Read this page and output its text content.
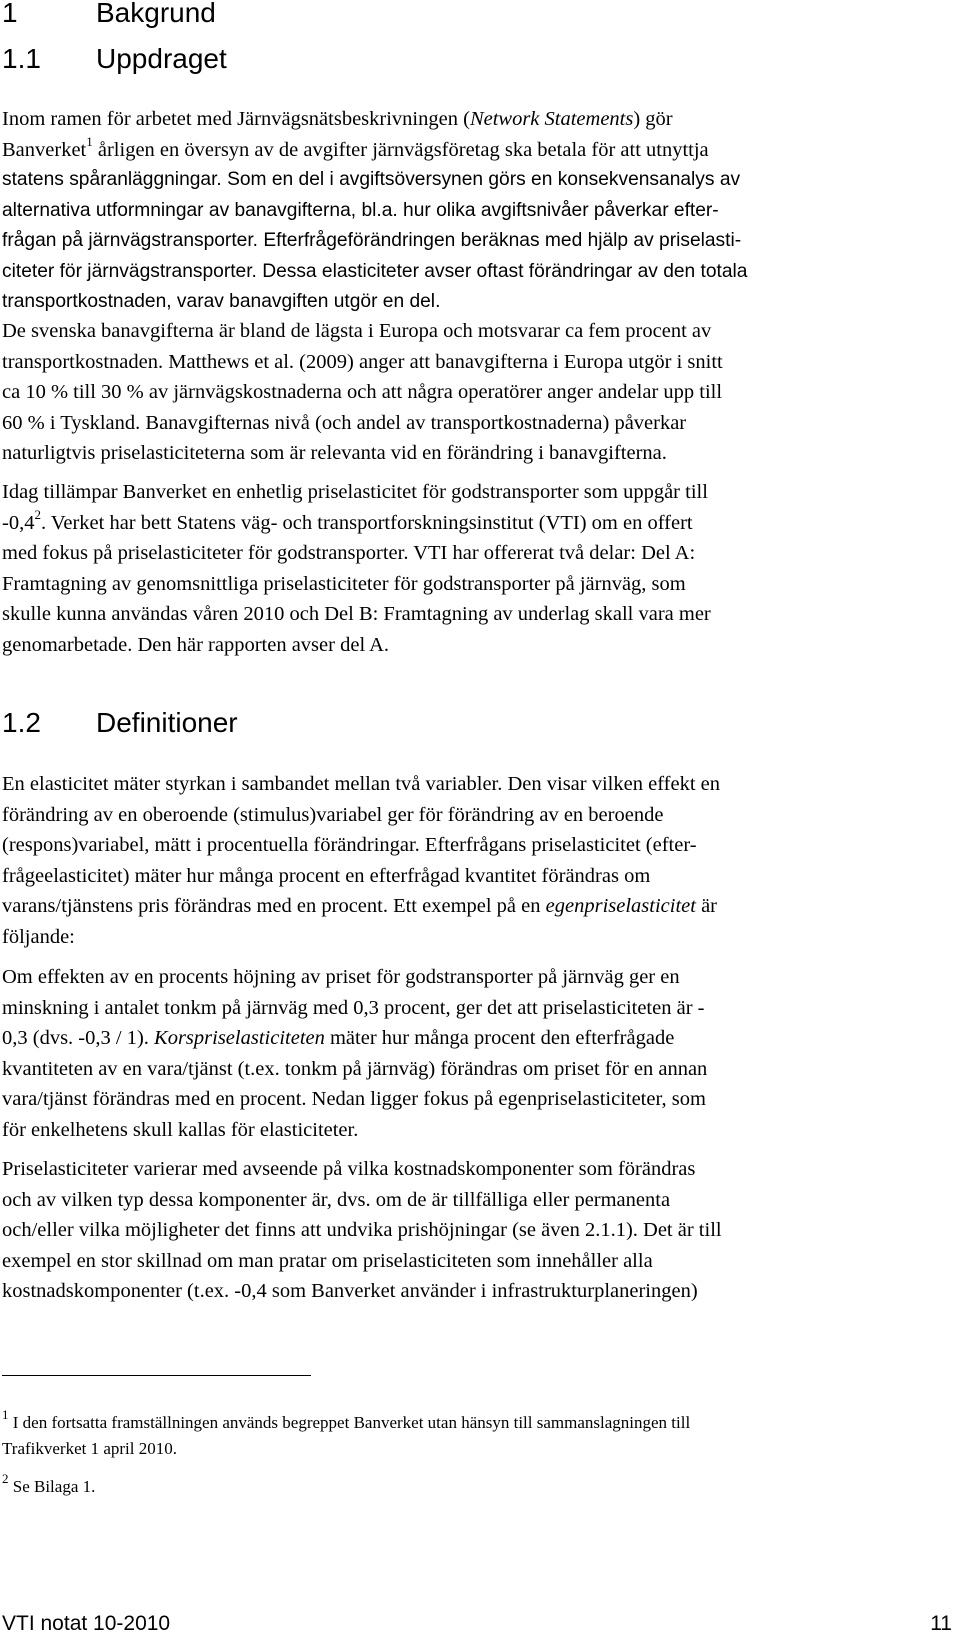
1	Bakgrund
1.1 Uppdraget
Inom ramen för arbetet med Järnvägsnätsbeskrivningen (Network Statements) gör
Banverket$^1$ årligen en översyn av de avgifter järnvägsföretag ska betala för att utnyttja
statens spåranläggningar. Som en del i avgiftsöversynen görs en konsekvensanalys av
alternativa utformningar av banavgifterna, bl.a. hur olika avgiftsnivåer påverkar efter-
frågan på järnvägstransporter. Efterfrågeförändringen beräknas med hjälp av priselasti-
citeter för järnvägstransporter. Dessa elasticiteter avser oftast förändringar av den totala
transportkostnaden, varav banavgiften utgör en del.
De svenska banavgifterna är bland de lägsta i Europa och motsvarar ca fem procent av
transportkostnaden. Matthews et al. (2009) anger att banavgifterna i Europa utgör i snitt
ca 10 % till 30 % av järnvägskostnaderna och att några operatörer anger andelar upp till
60 % i Tyskland. Banavgifternas nivå (och andel av transportkostnaderna) påverkar
naturligtvis priselasticiteterna som är relevanta vid en förändring i banavgifterna.
Idag tillämpar Banverket en enhetlig priselasticitet för godstransporter som uppgår till
$-0,4^2$. Verket har bett Statens väg- och transportforskningsinstitut (VTI) om en offert
med fokus på priselasticiteter för godstransporter. VTI har offererat två delar: Del A:
Framtagning av genomsnittliga priselasticiteter för godstransporter på järnväg, som
skulle kunna användas våren 2010 och Del B: Framtagning av underlag skall vara mer
genomarbetade. Den här rapporten avser del A.
1.2 Definitioner
En elasticitet mäter styrkan i sambandet mellan två variabler. Den visar vilken effekt en
förändring av en oberoende (stimulus)variabel ger för förändring av en beroende
(respons)variabel, mätt i procentuella förändringar. Efterfrågans priselasticitet (efter-
frågeelasticitet) mäter hur många procent en efterfrågad kvantitet förändras om
varans/tjänstens pris förändras med en procent. Ett exempel på en egenpriselasticitet är
följande:
Om effekten av en procents höjning av priset för godstransporter på järnväg ger en
minskning i antalet tonkm på järnväg med 0,3 procent, ger det att priselasticiteten är -
0,3 (dvs. -0,3 / 1). Korspriselasticiteten mäter hur många procent den efterfrågade
kvantiteten av en vara/tjänst (t.ex. tonkm på järnväg) förändras om priset för en annan
vara/tjänst förändras med en procent. Nedan ligger fokus på egenpriselasticiteter, som
för enkelhetens skull kallas för elasticiteter.
Priselasticiteter varierar med avseende på vilka kostnadskomponenter som förändras
och av vilken typ dessa komponenter är, dvs. om de är tillfälliga eller permanenta
och/eller vilka möjligheter det finns att undvika prishöjningar (se även 2.1.1). Det är till
exempel en stor skillnad om man pratar om priselasticiteten som innehåller alla
kostnadskomponenter (t.ex. -0,4 som Banverket använder i infrastrukturplaneringen)
$^1$ I den fortsatta framställningen används begreppet Banverket utan hänsyn till sammanslagningen till
Trafikverket 1 april 2010.
$^2$ Se Bilaga 1.
VTI notat 10-2010	11
